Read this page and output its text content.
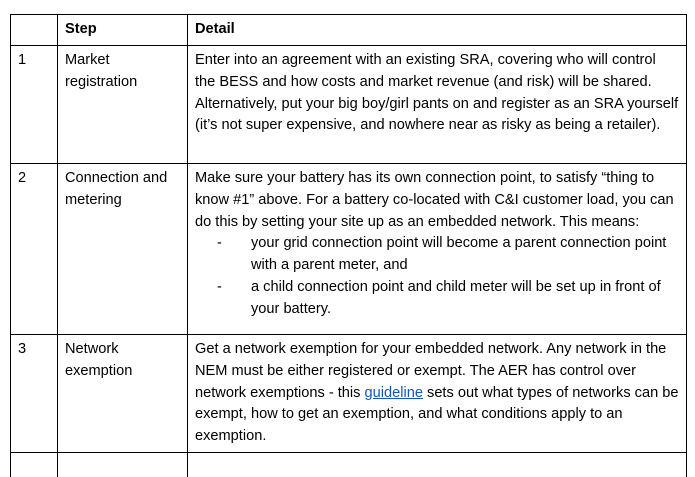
	Step	Detail
1	Market registration	Enter into an agreement with an existing SRA, covering who will control the BESS and how costs and market revenue (and risk) will be shared. Alternatively, put your big boy/girl pants on and register as an SRA yourself (it’s not super expensive, and nowhere near as risky as being a retailer).
2	Connection and metering	Make sure your battery has its own connection point, to satisfy “thing to know #1” above. For a battery co-located with C&I customer load, you can do this by setting your site up as an embedded network. This means:
- your grid connection point will become a parent connection point with a parent meter, and
- a child connection point and child meter will be set up in front of your battery.

3	Network exemption	Get a network exemption for your embedded network. Any network in the NEM must be either registered or exempt. The AER has control over network exemptions - this guideline sets out what types of networks can be exempt, how to get an exemption, and what conditions apply to an exemption.
